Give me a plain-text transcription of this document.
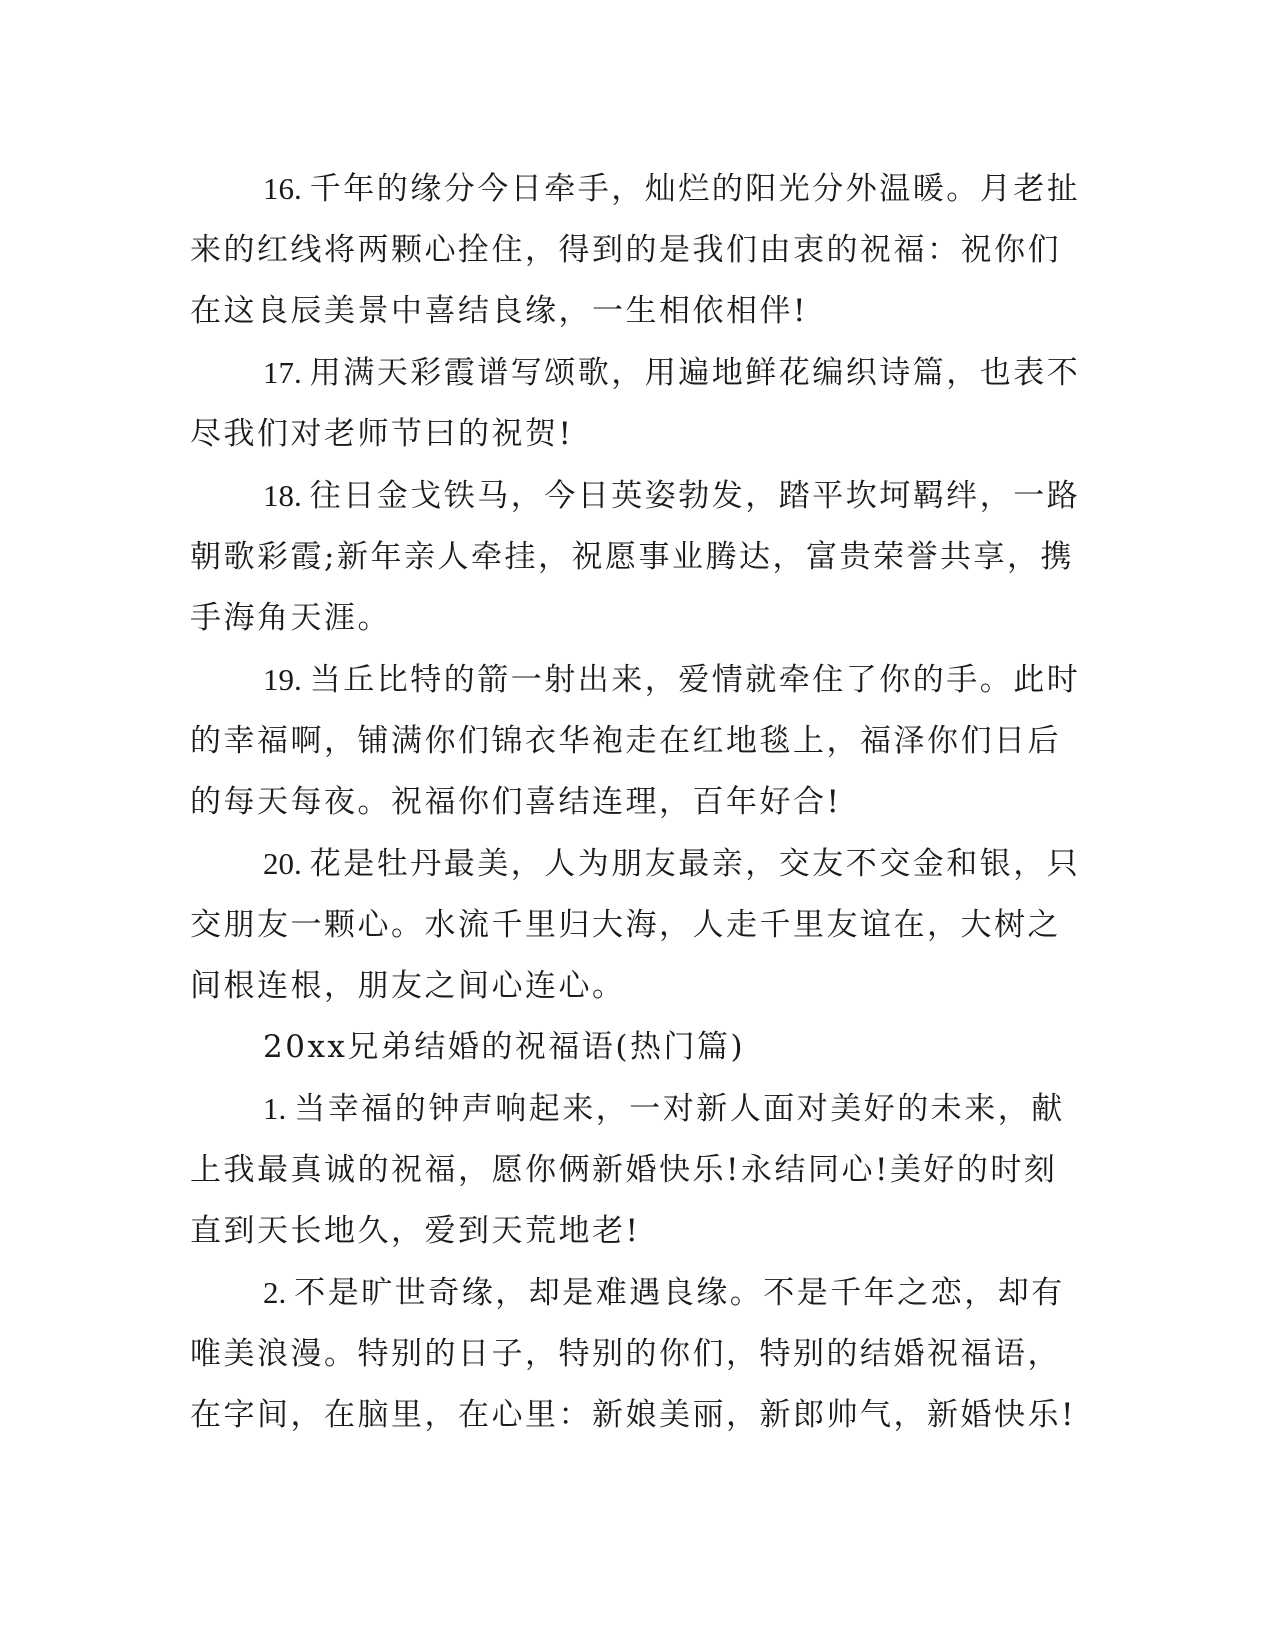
16. 千年的缘分今日牵手，灿烂的阳光分外温暖。月老扯来的红线将两颗心拴住，得到的是我们由衷的祝福：祝你们在这良辰美景中喜结良缘，一生相依相伴!

17. 用满天彩霞谱写颂歌，用遍地鲜花编织诗篇，也表不尽我们对老师节曰的祝贺!

18. 往日金戈铁马，今日英姿勃发，踏平坎坷羁绊，一路朝歌彩霞;新年亲人牵挂，祝愿事业腾达，富贵荣誉共享，携手海角天涯。

19. 当丘比特的箭一射出来，爱情就牵住了你的手。此时的幸福啊，铺满你们锦衣华袍走在红地毯上，福泽你们日后的每天每夜。祝福你们喜结连理，百年好合!

20. 花是牡丹最美，人为朋友最亲，交友不交金和银，只交朋友一颗心。水流千里归大海，人走千里友谊在，大树之间根连根，朋友之间心连心。

20xx兄弟结婚的祝福语(热门篇)

1. 当幸福的钟声响起来，一对新人面对美好的未来，献上我最真诚的祝福，愿你俩新婚快乐!永结同心!美好的时刻直到天长地久，爱到天荒地老!

2. 不是旷世奇缘，却是难遇良缘。不是千年之恋，却有唯美浪漫。特别的日子，特别的你们，特别的结婚祝福语，在字间，在脑里，在心里：新娘美丽，新郎帅气，新婚快乐!
